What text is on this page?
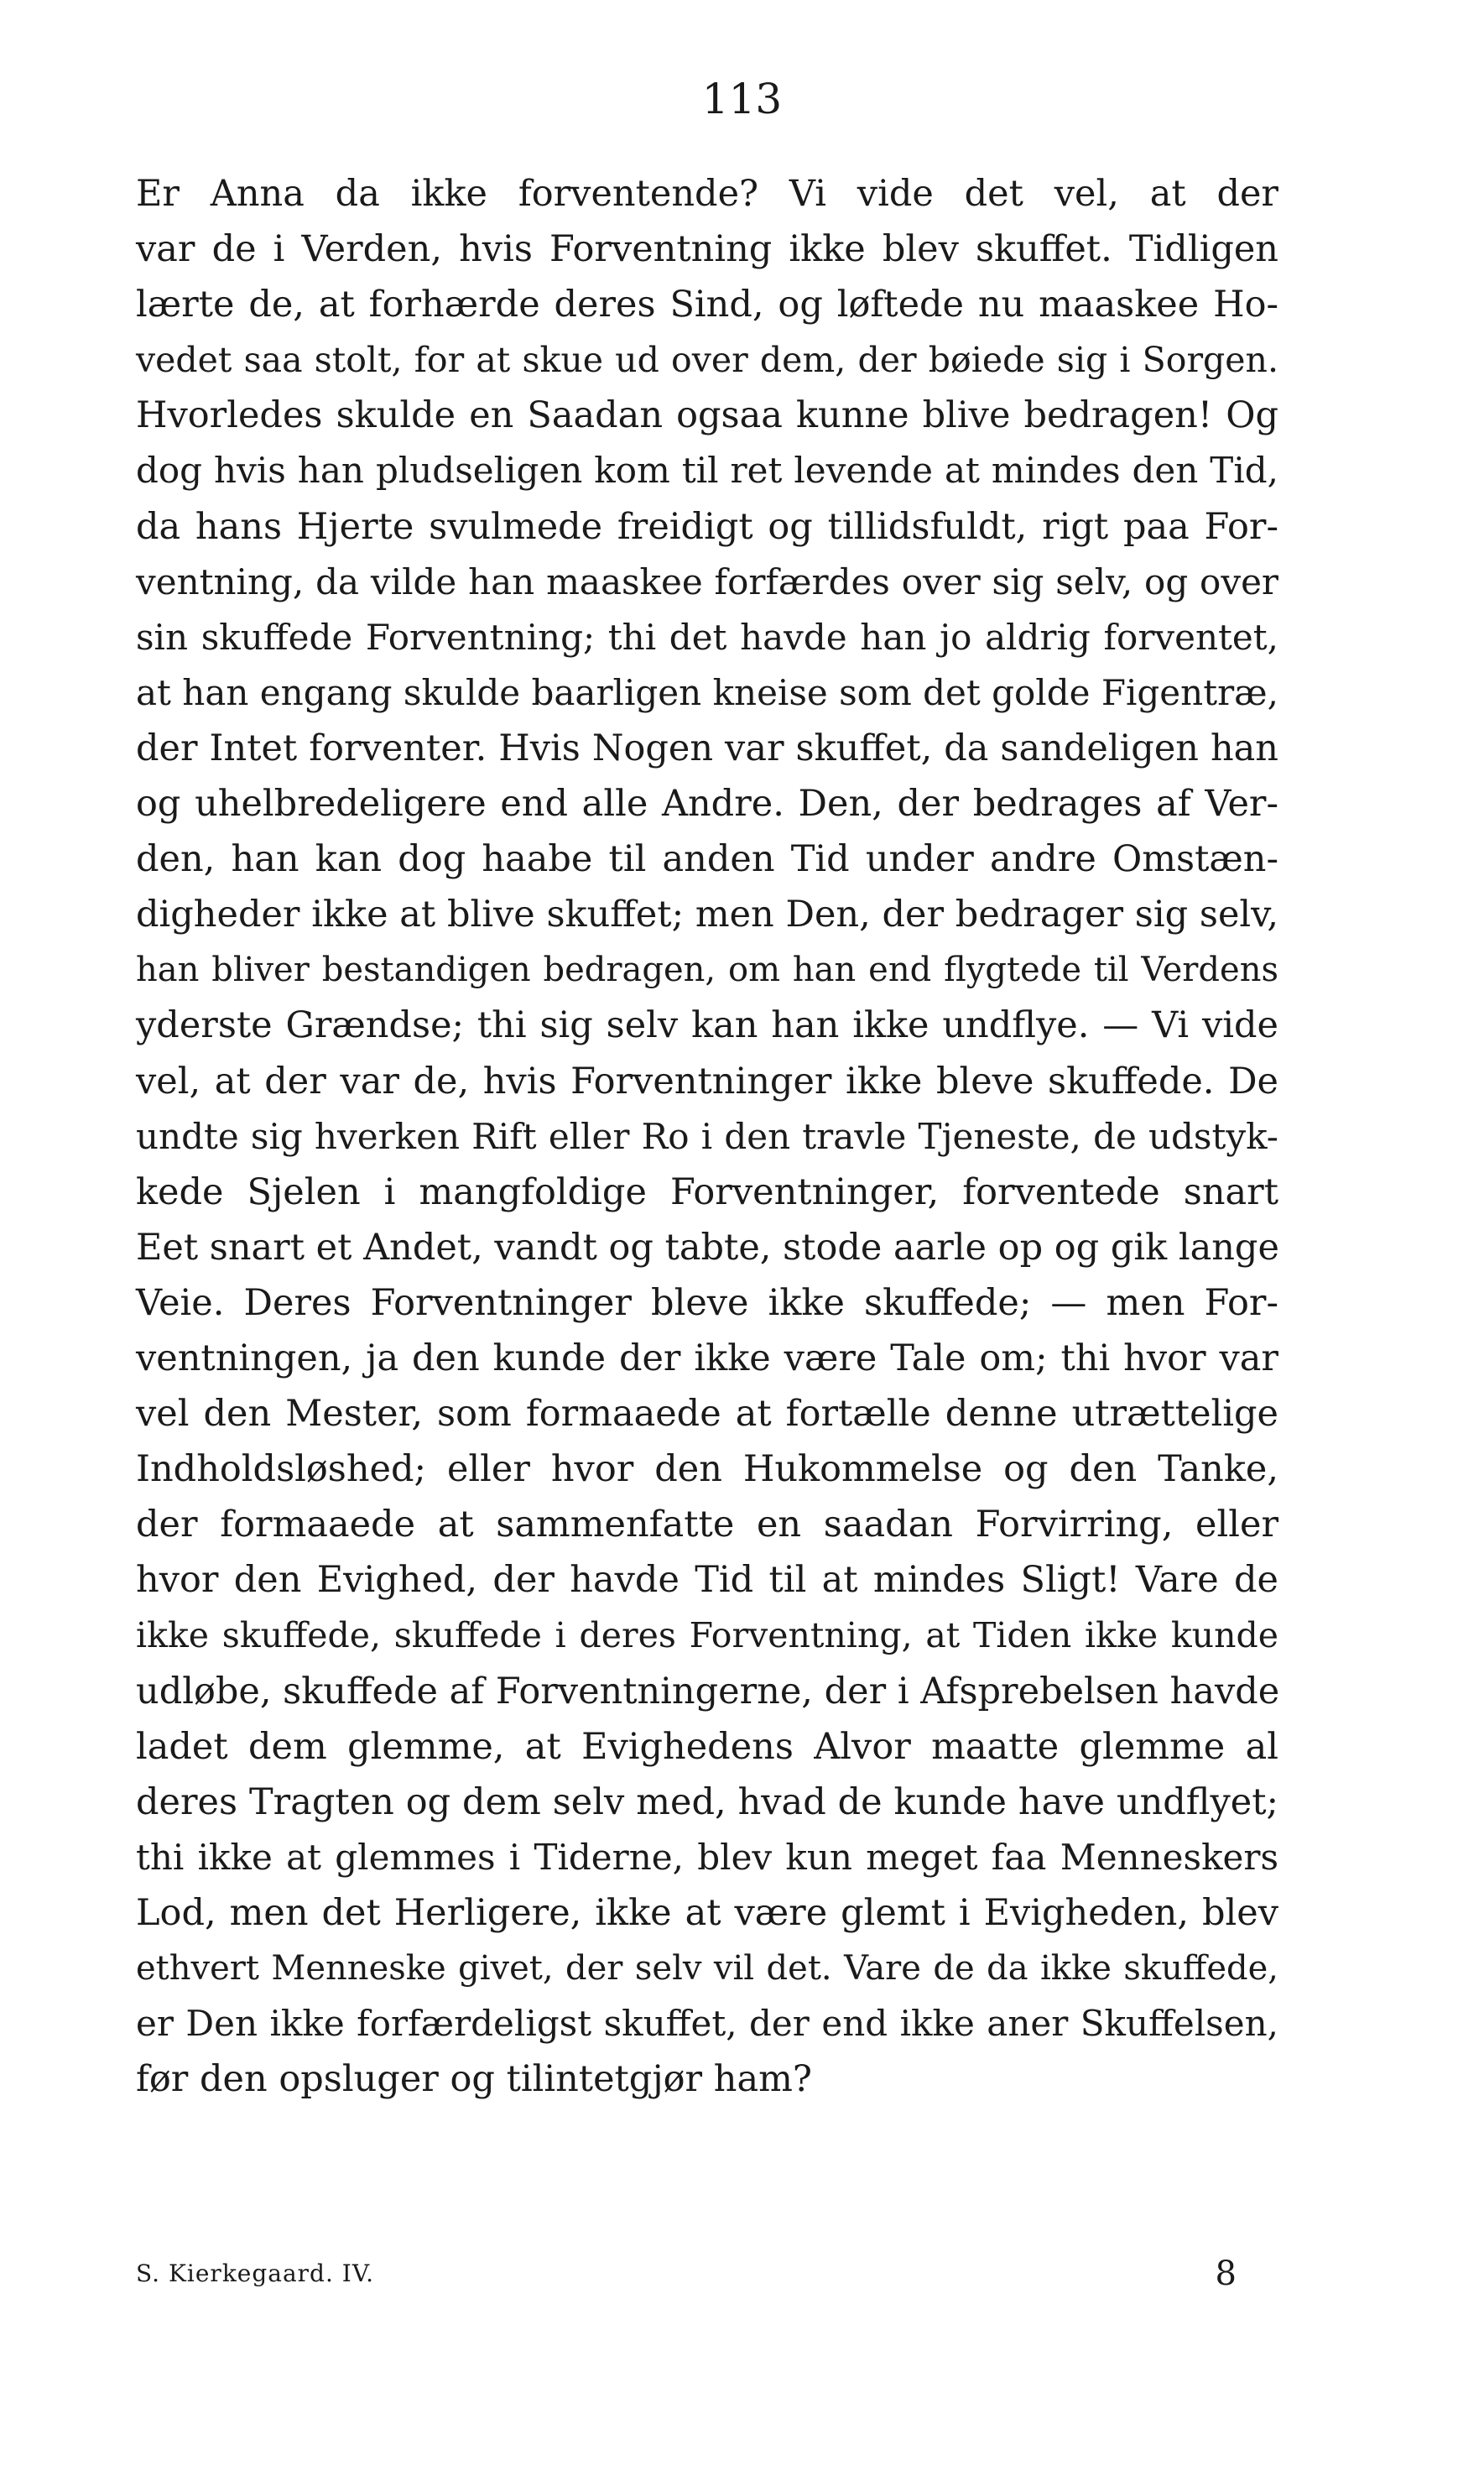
113
Er Anna da ikke forventende? Vi vide det vel, at der
var de i Verden, hvis Forventning ikke blev skuffet. Tidligen
lærte de, at forhærde deres Sind, og løftede nu maaskee Ho-
vedet saa stolt, for at skue ud over dem, der bøiede sig i Sorgen.
Hvorledes skulde en Saadan ogsaa kunne blive bedragen! Og
dog hvis han pludseligen kom til ret levende at mindes den Tid,
da hans Hjerte svulmede freidigt og tillidsfuldt, rigt paa For-
ventning, da vilde han maaskee forfærdes over sig selv, og over
sin skuffede Forventning; thi det havde han jo aldrig forventet,
at han engang skulde baarligen kneise som det golde Figentræ,
der Intet forventer. Hvis Nogen var skuffet, da sandeligen han
og uhelbredeligere end alle Andre. Den, der bedrages af Ver-
den, han kan dog haabe til anden Tid under andre Omstæn-
digheder ikke at blive skuffet; men Den, der bedrager sig selv,
han bliver bestandigen bedragen, om han end flygtede til Verdens
yderste Grændse; thi sig selv kan han ikke undflye. — Vi vide
vel, at der var de, hvis Forventninger ikke bleve skuffede. De
undte sig hverken Rift eller Ro i den travle Tjeneste, de udstyk-
kede Sjelen i mangfoldige Forventninger, forventede snart
Eet snart et Andet, vandt og tabte, stode aarle op og gik lange
Veie. Deres Forventninger bleve ikke skuffede; — men For-
ventningen, ja den kunde der ikke være Tale om; thi hvor var
vel den Mester, som formaaede at fortælle denne utrættelige
Indholdsløshed; eller hvor den Hukommelse og den Tanke,
der formaaede at sammenfatte en saadan Forvirring, eller
hvor den Evighed, der havde Tid til at mindes Sligt! Vare de
ikke skuffede, skuffede i deres Forventning, at Tiden ikke kunde
udløbe, skuffede af Forventningerne, der i Afsprebelsen havde
ladet dem glemme, at Evighedens Alvor maatte glemme al
deres Tragten og dem selv med, hvad de kunde have undflyet;
thi ikke at glemmes i Tiderne, blev kun meget faa Menneskers
Lod, men det Herligere, ikke at være glemt i Evigheden, blev
ethvert Menneske givet, der selv vil det. Vare de da ikke skuffede,
er Den ikke forfærdeligst skuffet, der end ikke aner Skuffelsen,
før den opsluger og tilintetgjør ham?
S. Kierkegaard. IV.	8
